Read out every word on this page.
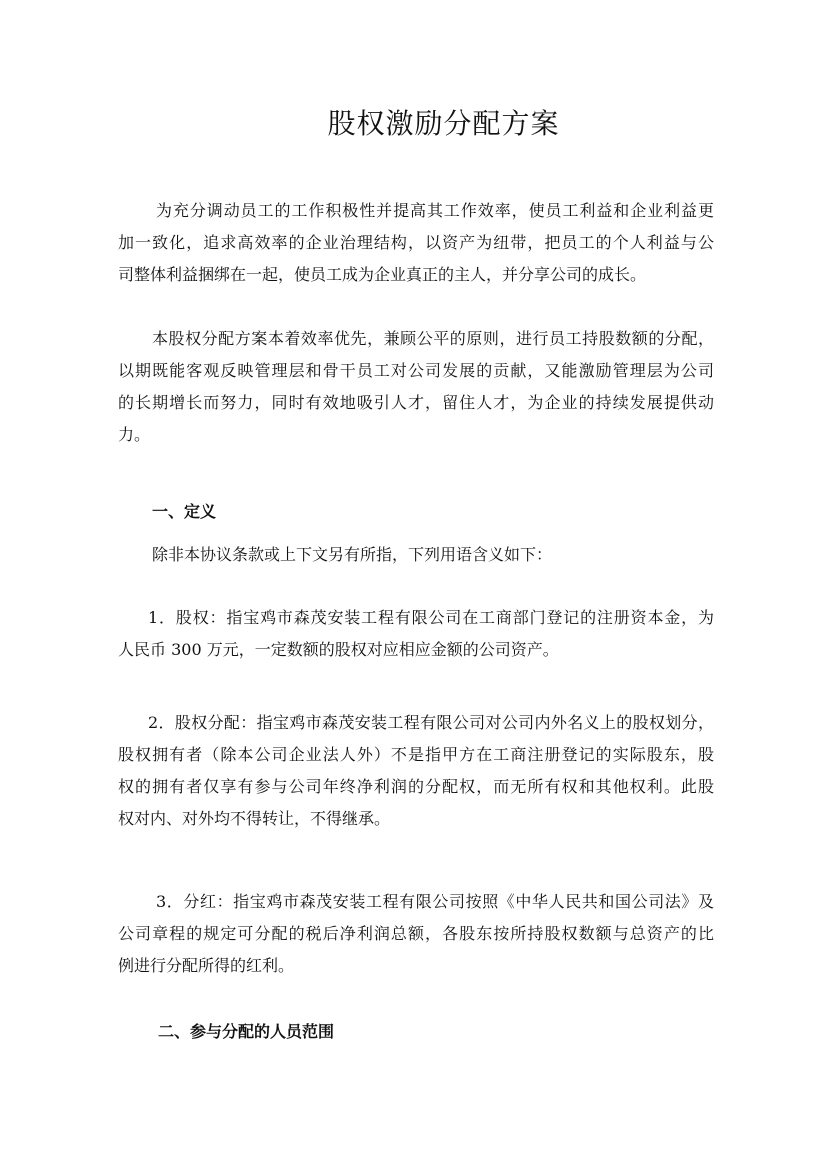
股权激励分配方案
为充分调动员工的工作积极性并提高其工作效率，使员工利益和企业利益更
加一致化，追求高效率的企业治理结构，以资产为纽带，把员工的个人利益与公
司整体利益捆绑在一起，使员工成为企业真正的主人，并分享公司的成长。
本股权分配方案本着效率优先，兼顾公平的原则，进行员工持股数额的分配，
以期既能客观反映管理层和骨干员工对公司发展的贡献，又能激励管理层为公司
的长期增长而努力，同时有效地吸引人才，留住人才，为企业的持续发展提供动
力。
一、定义
除非本协议条款或上下文另有所指，下列用语含义如下：
1．股权：指宝鸡市森茂安装工程有限公司在工商部门登记的注册资本金，为
人民币 300 万元，一定数额的股权对应相应金额的公司资产。
2．股权分配：指宝鸡市森茂安装工程有限公司对公司内外名义上的股权划分，
股权拥有者（除本公司企业法人外）不是指甲方在工商注册登记的实际股东，股
权的拥有者仅享有参与公司年终净利润的分配权，而无所有权和其他权利。此股
权对内、对外均不得转让，不得继承。
3．分红：指宝鸡市森茂安装工程有限公司按照《中华人民共和国公司法》及
公司章程的规定可分配的税后净利润总额，各股东按所持股权数额与总资产的比
例进行分配所得的红利。
二、参与分配的人员范围
